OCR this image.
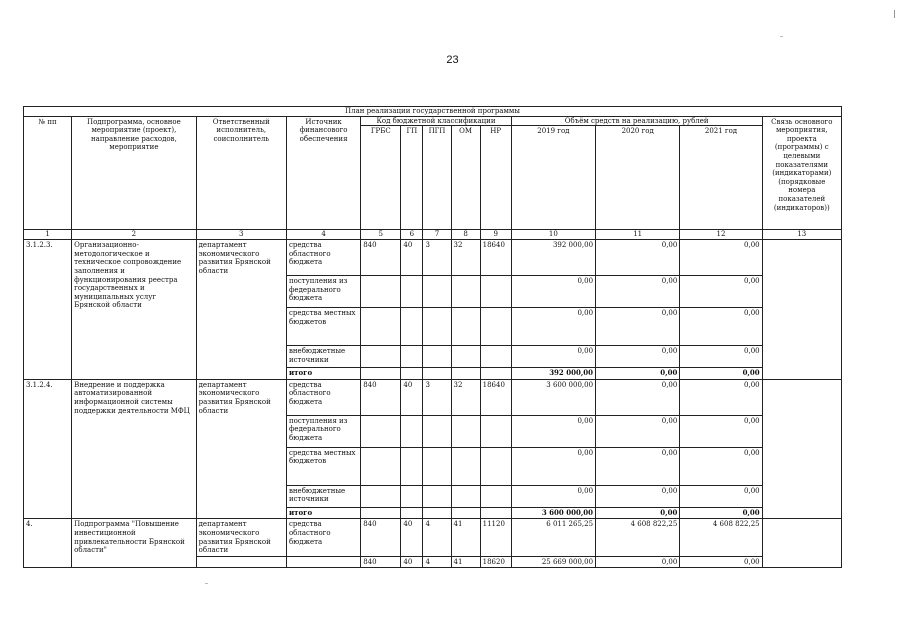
23
План реализации государственной программы												
№ пп	Подпрограмма, основное мероприятие (проект), направление расходов, мероприятие	Ответственный исполнитель, соисполнитель	Источник финансового обеспечения	Код бюджетной классификации					Объём средств на реализацию, рублей			Связь основного мероприятия, проекта (программы) с целевыми показателями (индикаторами) (порядковые номера показателей (индикаторов))
				ГРБС	ГП	ПГП	ОМ	НР	2019 год	2020 год	2021 год	
1	2	3	4	5	6	7	8	9	10	11	12	13
3.1.2.3.	Организационно-методологическое и техническое сопровождение заполнения и функционирования реестра государственных и муниципальных услуг Брянской области	департамент экономического развития Брянской области	средства областного бюджета	840	40	3	32	18640	392 000,00	0,00	0,00	
			поступления из федерального бюджета						0,00	0,00	0,00	
			средства местных бюджетов						0,00	0,00	0,00	
			внебюджетные источники						0,00	0,00	0,00	
			итого						392 000,00	0,00	0,00	
3.1.2.4.	Внедрение и поддержка автоматизированной информационной системы поддержки деятельности МФЦ	департамент экономического развития Брянской области	средства областного бюджета	840	40	3	32	18640	3 600 000,00	0,00	0,00	
			поступления из федерального бюджета						0,00	0,00	0,00	
			средства местных бюджетов						0,00	0,00	0,00	
			внебюджетные источники						0,00	0,00	0,00	
			итого						3 600 000,00	0,00	0,00	
4.	Подпрограмма "Повышение инвестиционной привлекательности Брянской области"	департамент экономического развития Брянской области	средства областного бюджета	840	40	4	41	11120	6 011 265,25	4 608 822,25	4 608 822,25	
				840	40	4	41	18620	25 669 000,00	0,00	0,00	
